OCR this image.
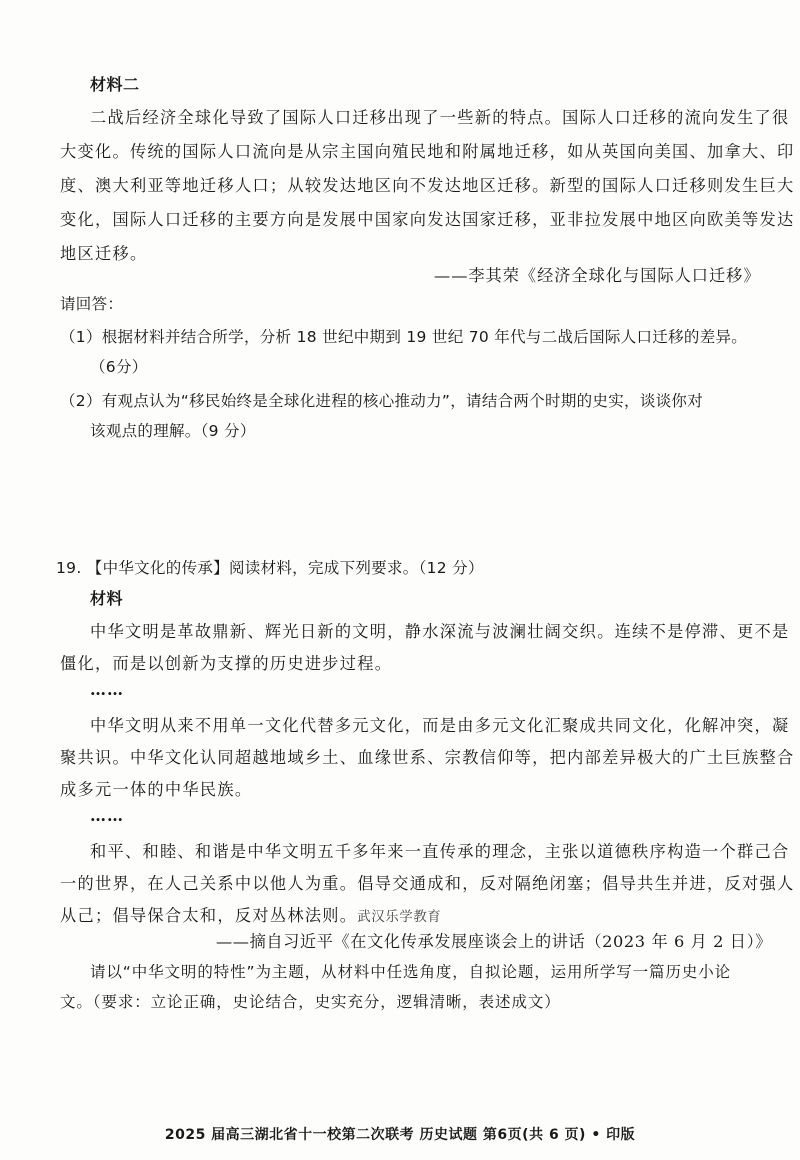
材料二
二战后经济全球化导致了国际人口迁移出现了一些新的特点。国际人口迁移的流向发生了很
大变化。传统的国际人口流向是从宗主国向殖民地和附属地迁移，如从英国向美国、加拿大、印
度、澳大利亚等地迁移人口；从较发达地区向不发达地区迁移。新型的国际人口迁移则发生巨大
变化，国际人口迁移的主要方向是发展中国家向发达国家迁移，亚非拉发展中地区向欧美等发达
地区迁移。
——李其荣《经济全球化与国际人口迁移》
请回答：
（1）根据材料并结合所学，分析 18 世纪中期到 19 世纪 70 年代与二战后国际人口迁移的差异。
（6分）
（2）有观点认为“移民始终是全球化进程的核心推动力”，请结合两个时期的史实，谈谈你对
该观点的理解。（9 分）
19. 【中华文化的传承】阅读材料，完成下列要求。（12 分）
材料
中华文明是革故鼎新、辉光日新的文明，静水深流与波澜壮阔交织。连续不是停滞、更不是
僵化，而是以创新为支撑的历史进步过程。
……
中华文明从来不用单一文化代替多元文化，而是由多元文化汇聚成共同文化，化解冲突，凝
聚共识。中华文化认同超越地域乡土、血缘世系、宗教信仰等，把内部差异极大的广土巨族整合
成多元一体的中华民族。
……
和平、和睦、和谐是中华文明五千多年来一直传承的理念，主张以道德秩序构造一个群己合
一的世界，在人己关系中以他人为重。倡导交通成和，反对隔绝闭塞；倡导共生并进，反对强人
从己；倡导保合太和，反对丛林法则。武汉乐学教育
——摘自习近平《在文化传承发展座谈会上的讲话（2023 年 6 月 2 日）》
请以“中华文明的特性”为主题，从材料中任选角度，自拟论题，运用所学写一篇历史小论
文。（要求：立论正确，史论结合，史实充分，逻辑清晰，表述成文）
2025 届高三湖北省十一校第二次联考 历史试题 第6页(共 6 页) • 印版
